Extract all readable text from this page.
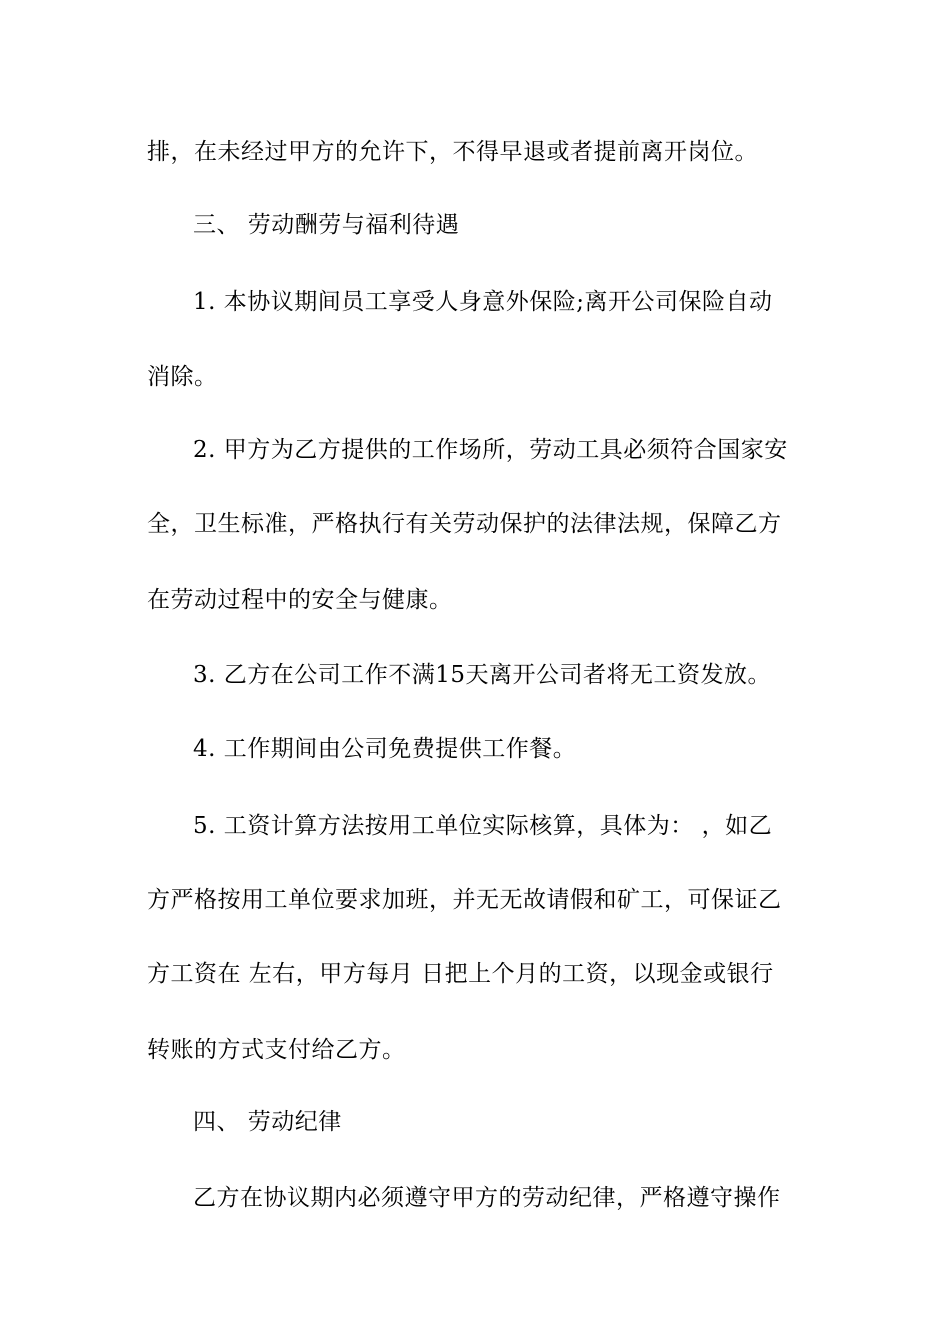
排，在未经过甲方的允许下，不得早退或者提前离开岗位。
三、 劳动酬劳与福利待遇
1. 本协议期间员工享受人身意外保险;离开公司保险自动
消除。
2. 甲方为乙方提供的工作场所，劳动工具必须符合国家安
全，卫生标准，严格执行有关劳动保护的法律法规，保障乙方
在劳动过程中的安全与健康。
3. 乙方在公司工作不满15天离开公司者将无工资发放。
4. 工作期间由公司免费提供工作餐。
5. 工资计算方法按用工单位实际核算，具体为： ，如乙
方严格按用工单位要求加班，并无无故请假和矿工，可保证乙
方工资在 左右，甲方每月 日把上个月的工资，以现金或银行
转账的方式支付给乙方。
四、 劳动纪律
乙方在协议期内必须遵守甲方的劳动纪律，严格遵守操作
